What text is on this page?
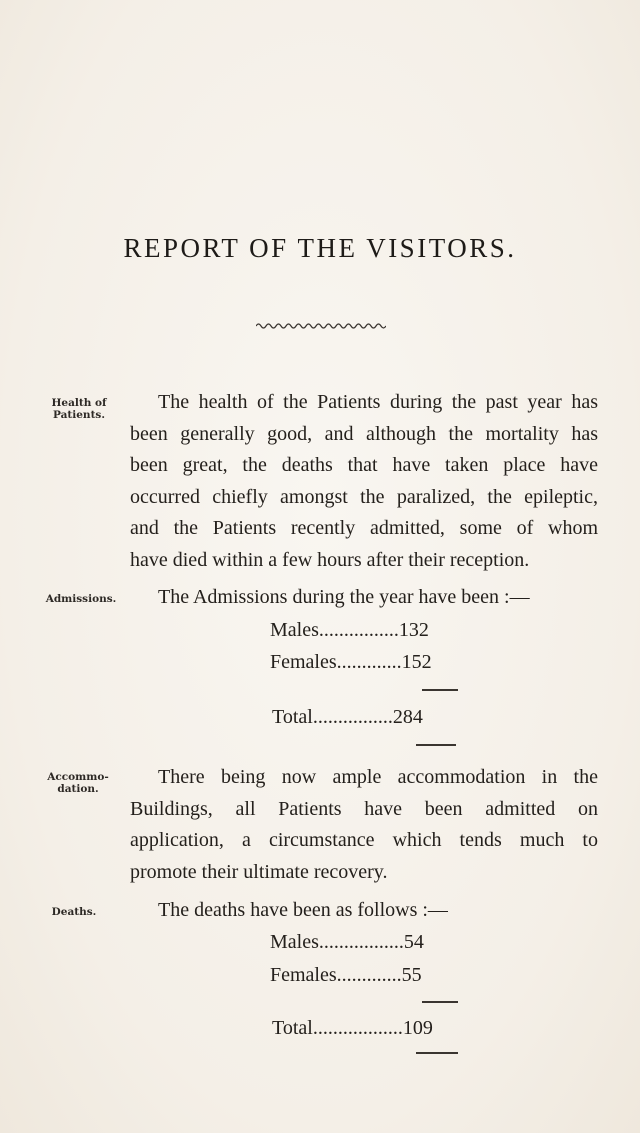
REPORT OF THE VISITORS.
Health of
Patients.
The health of the Patients during the past year has
been generally good, and although the mortality has
been great, the deaths that have taken place have
occurred chiefly amongst the paralized, the epileptic,
and the Patients recently admitted, some of whom
have died within a few hours after their reception.
Admissions.	The Admissions during the year have been :—
Males................132
Females.............152
Total................284
Accommo-
dation.
There being now ample accommodation in the
Buildings, all Patients have been admitted on
application, a circumstance which tends much to
promote their ultimate recovery.
Deaths.	The deaths have been as follows :—
Males.................54
Females.............55
Total..................109
